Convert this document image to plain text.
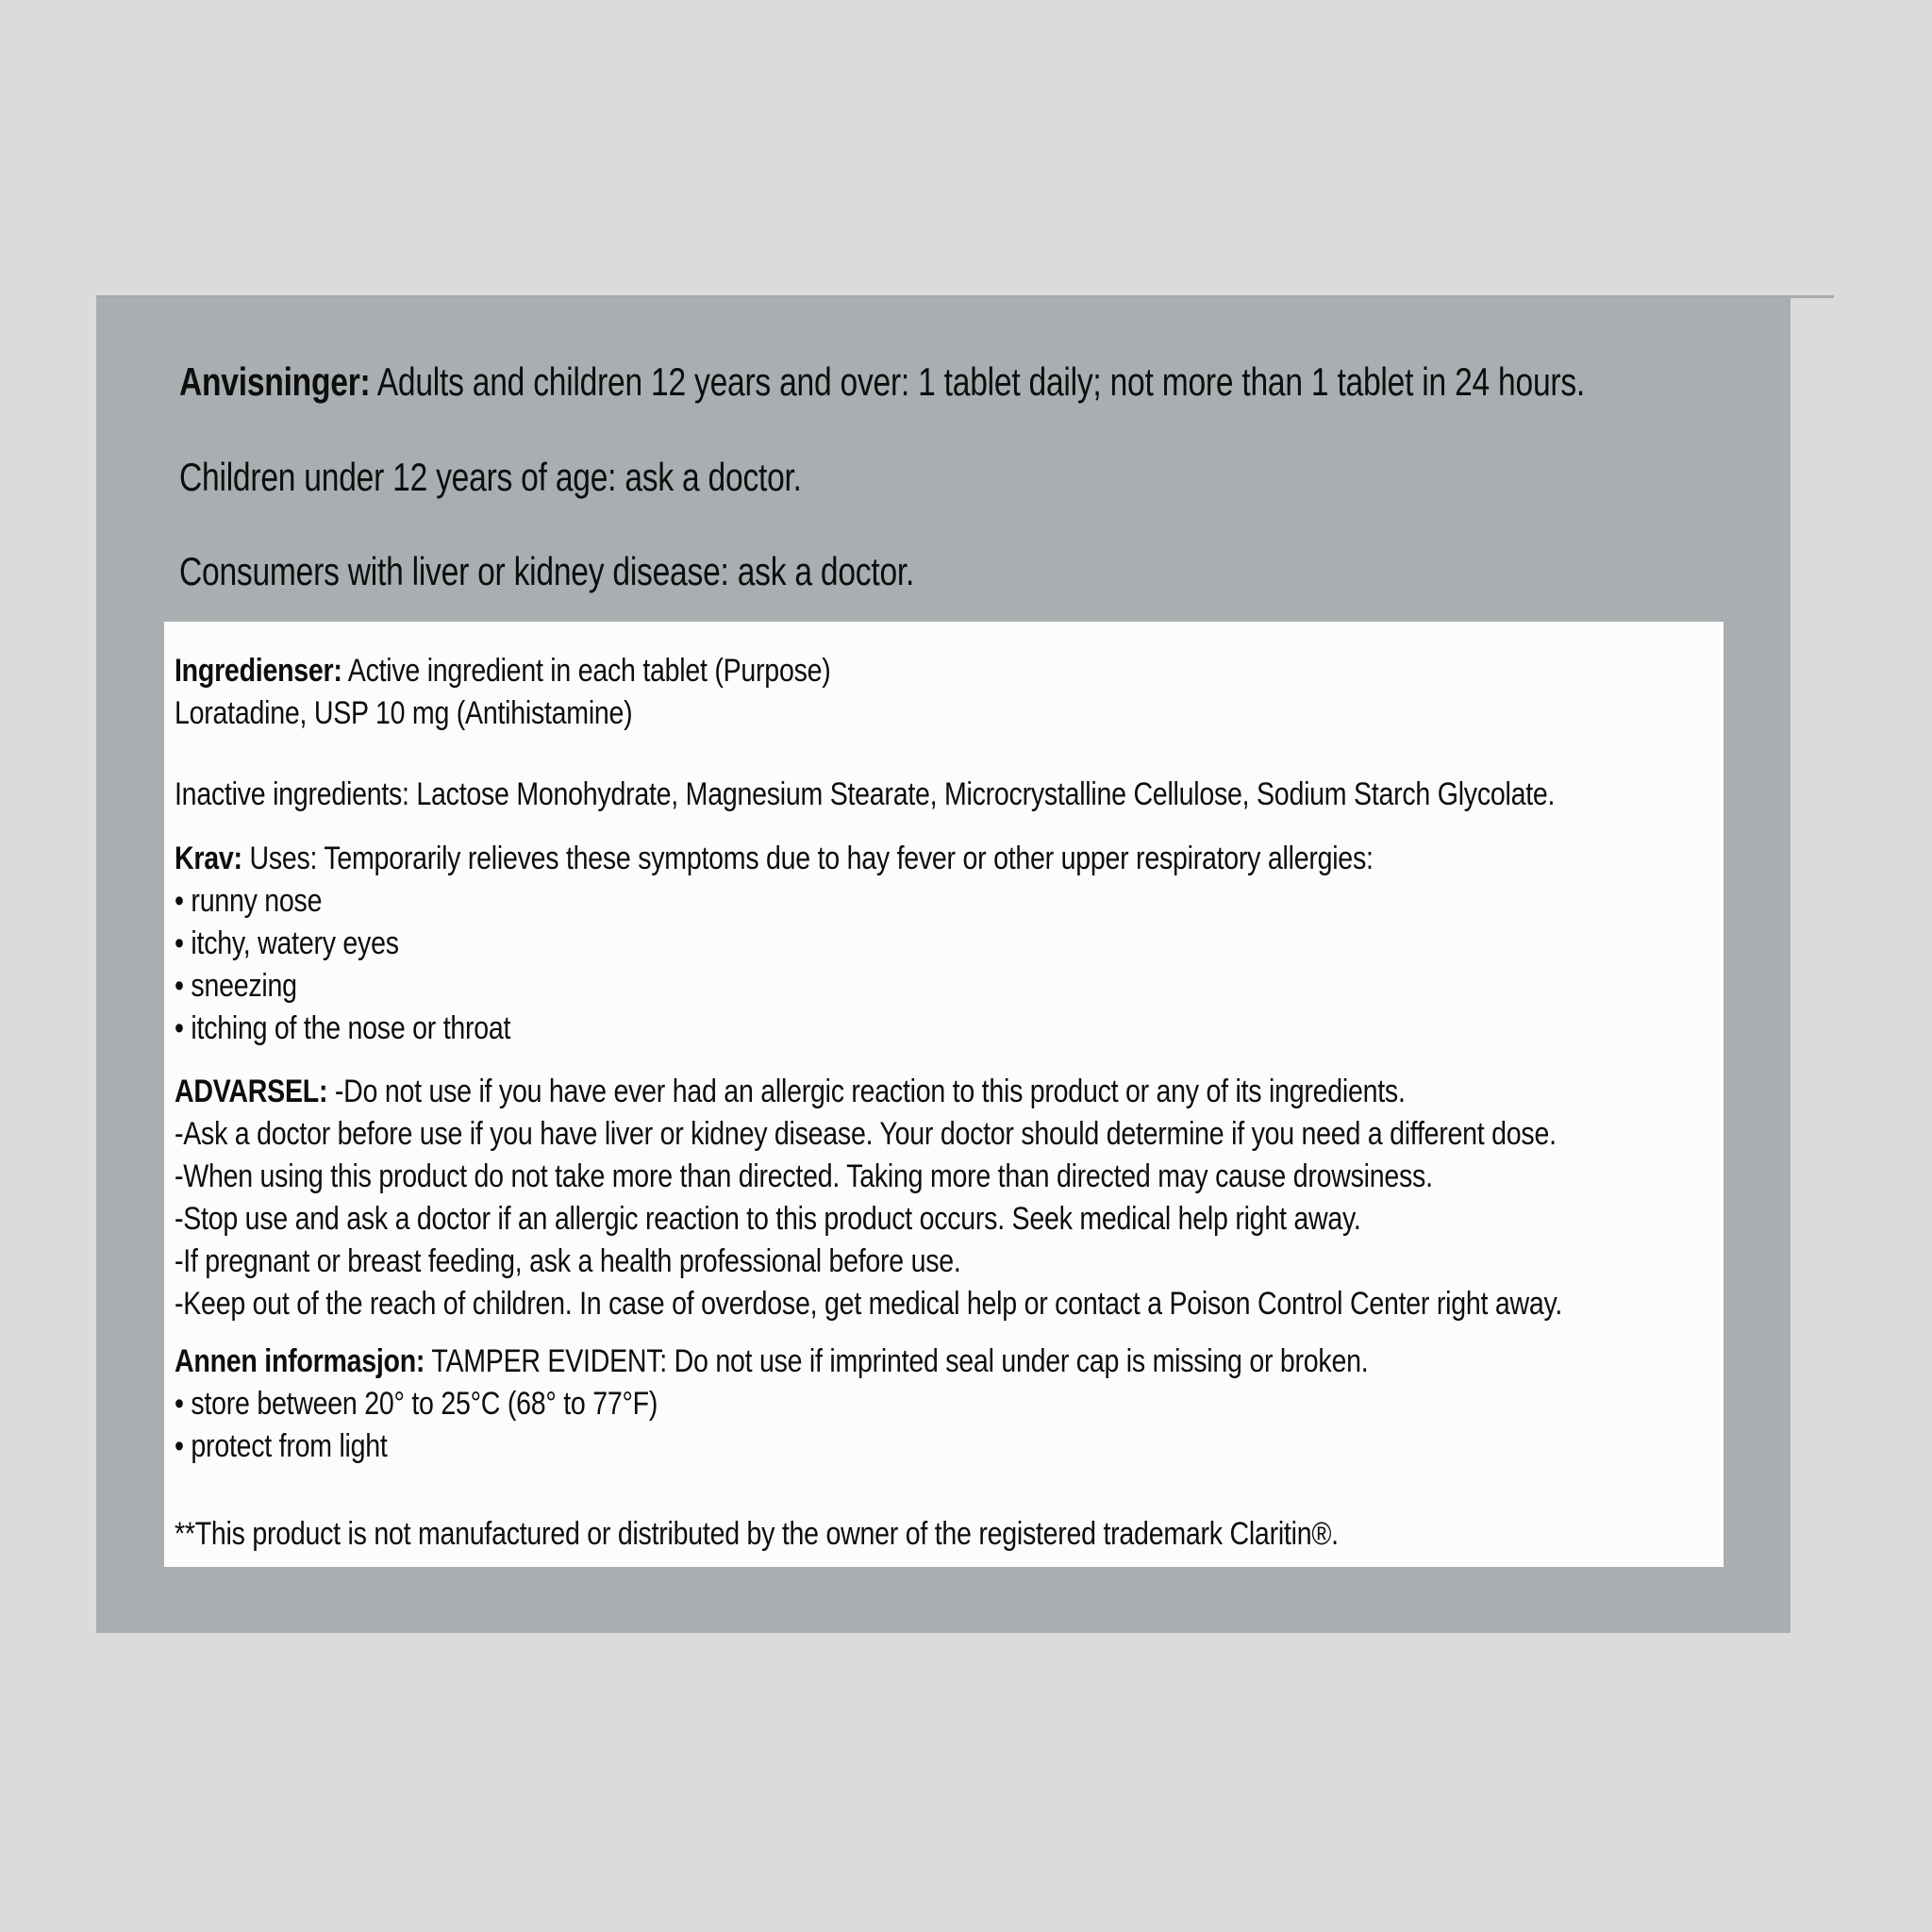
Anvisninger: Adults and children 12 years and over: 1 tablet daily; not more than 1 tablet in 24 hours.
Children under 12 years of age: ask a doctor.
Consumers with liver or kidney disease: ask a doctor.
Ingredienser: Active ingredient in each tablet (Purpose)
Loratadine, USP 10 mg (Antihistamine)
Inactive ingredients: Lactose Monohydrate, Magnesium Stearate, Microcrystalline Cellulose, Sodium Starch Glycolate.
Krav: Uses: Temporarily relieves these symptoms due to hay fever or other upper respiratory allergies:
• runny nose
• itchy, watery eyes
• sneezing
• itching of the nose or throat
ADVARSEL: -Do not use if you have ever had an allergic reaction to this product or any of its ingredients.
-Ask a doctor before use if you have liver or kidney disease. Your doctor should determine if you need a different dose.
-When using this product do not take more than directed. Taking more than directed may cause drowsiness.
-Stop use and ask a doctor if an allergic reaction to this product occurs. Seek medical help right away.
-If pregnant or breast feeding, ask a health professional before use.
-Keep out of the reach of children. In case of overdose, get medical help or contact a Poison Control Center right away.
Annen informasjon: TAMPER EVIDENT: Do not use if imprinted seal under cap is missing or broken.
• store between 20° to 25°C (68° to 77°F)
• protect from light
**This product is not manufactured or distributed by the owner of the registered trademark Claritin®.
